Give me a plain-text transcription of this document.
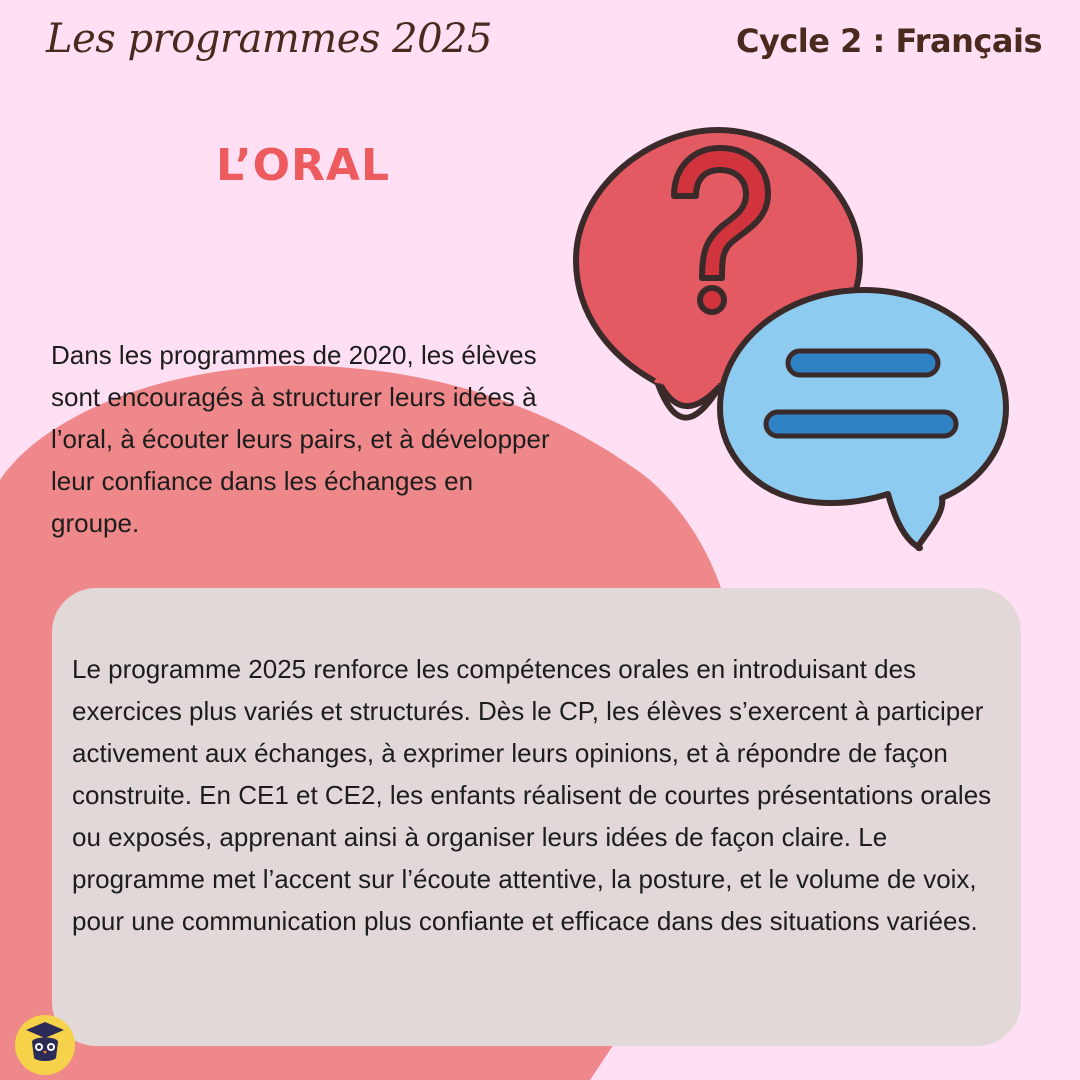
Les programmes 2025	Cycle 2 : Français
L’ORAL
Dans les programmes de 2020, les élèves sont encouragés à structurer leurs idées à l’oral, à écouter leurs pairs, et à développer leur confiance dans les échanges en groupe.
Le programme 2025 renforce les compétences orales en introduisant des exercices plus variés et structurés. Dès le CP, les élèves s’exercent à participer activement aux échanges, à exprimer leurs opinions, et à répondre de façon construite. En CE1 et CE2, les enfants réalisent de courtes présentations orales ou exposés, apprenant ainsi à organiser leurs idées de façon claire. Le programme met l’accent sur l’écoute attentive, la posture, et le volume de voix, pour une communication plus confiante et efficace dans des situations variées.
